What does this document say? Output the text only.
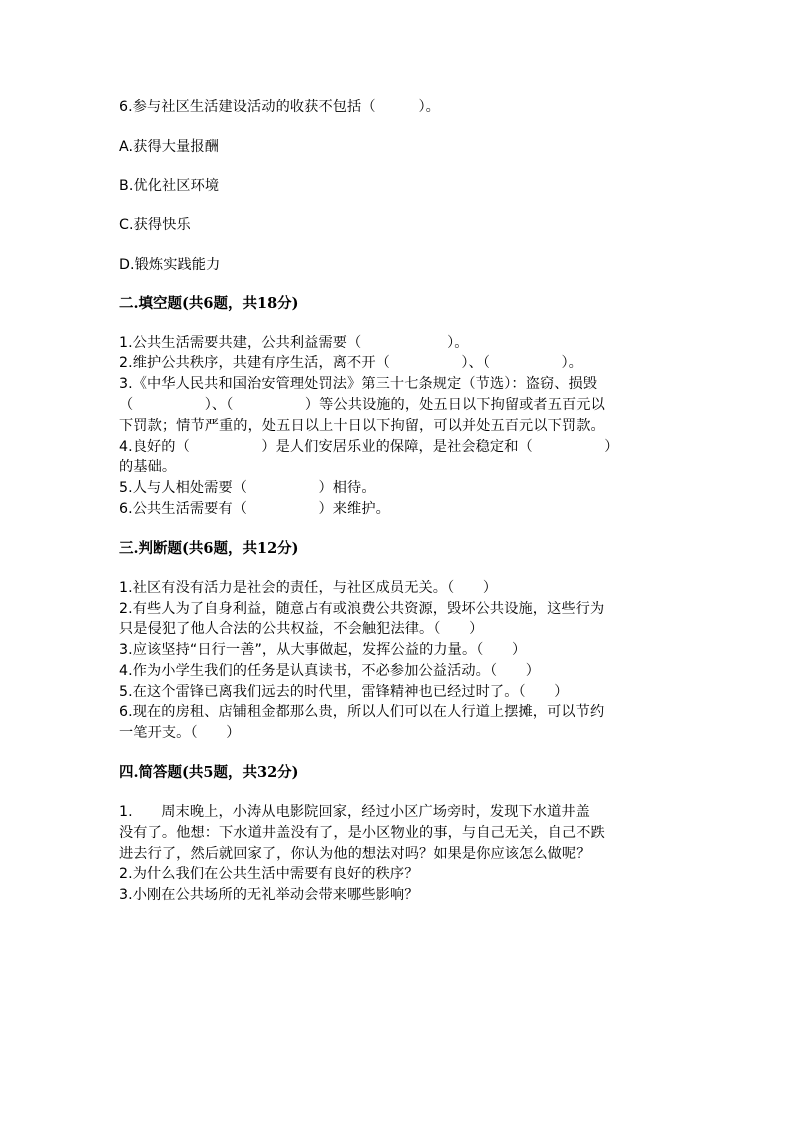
6.参与社区生活建设活动的收获不包括（　　　）。
A.获得大量报酬
B.优化社区环境
C.获得快乐
D.锻炼实践能力
二.填空题(共6题，共18分)
1.公共生活需要共建，公共利益需要（　　　　　　）。
2.维护公共秩序，共建有序生活，离不开（　　　　　）、（　　　　　）。
3.《中华人民共和国治安管理处罚法》第三十七条规定（节选）：盗窃、损毁
（　　　　　）、（　　　　　）等公共设施的，处五日以下拘留或者五百元以
下罚款；情节严重的，处五日以上十日以下拘留，可以并处五百元以下罚款。
4.良好的（　　　　　）是人们安居乐业的保障，是社会稳定和（　　　　　）
的基础。
5.人与人相处需要（　　　　　）相待。
6.公共生活需要有（　　　　　）来维护。
三.判断题(共6题，共12分)
1.社区有没有活力是社会的责任，与社区成员无关。（　　）
2.有些人为了自身利益，随意占有或浪费公共资源，毁坏公共设施，这些行为
只是侵犯了他人合法的公共权益，不会触犯法律。（　　）
3.应该坚持“日行一善”，从大事做起，发挥公益的力量。（　　）
4.作为小学生我们的任务是认真读书，不必参加公益活动。（　　）
5.在这个雷锋已离我们远去的时代里，雷锋精神也已经过时了。（　　）
6.现在的房租、店铺租金都那么贵，所以人们可以在人行道上摆摊，可以节约
一笔开支。（　　）
四.简答题(共5题，共32分)
1.　　周末晚上，小涛从电影院回家，经过小区广场旁时，发现下水道井盖
没有了。他想：下水道井盖没有了，是小区物业的事，与自己无关，自己不跌
进去行了，然后就回家了，你认为他的想法对吗？如果是你应该怎么做呢？
2.为什么我们在公共生活中需要有良好的秩序？
3.小刚在公共场所的无礼举动会带来哪些影响？
